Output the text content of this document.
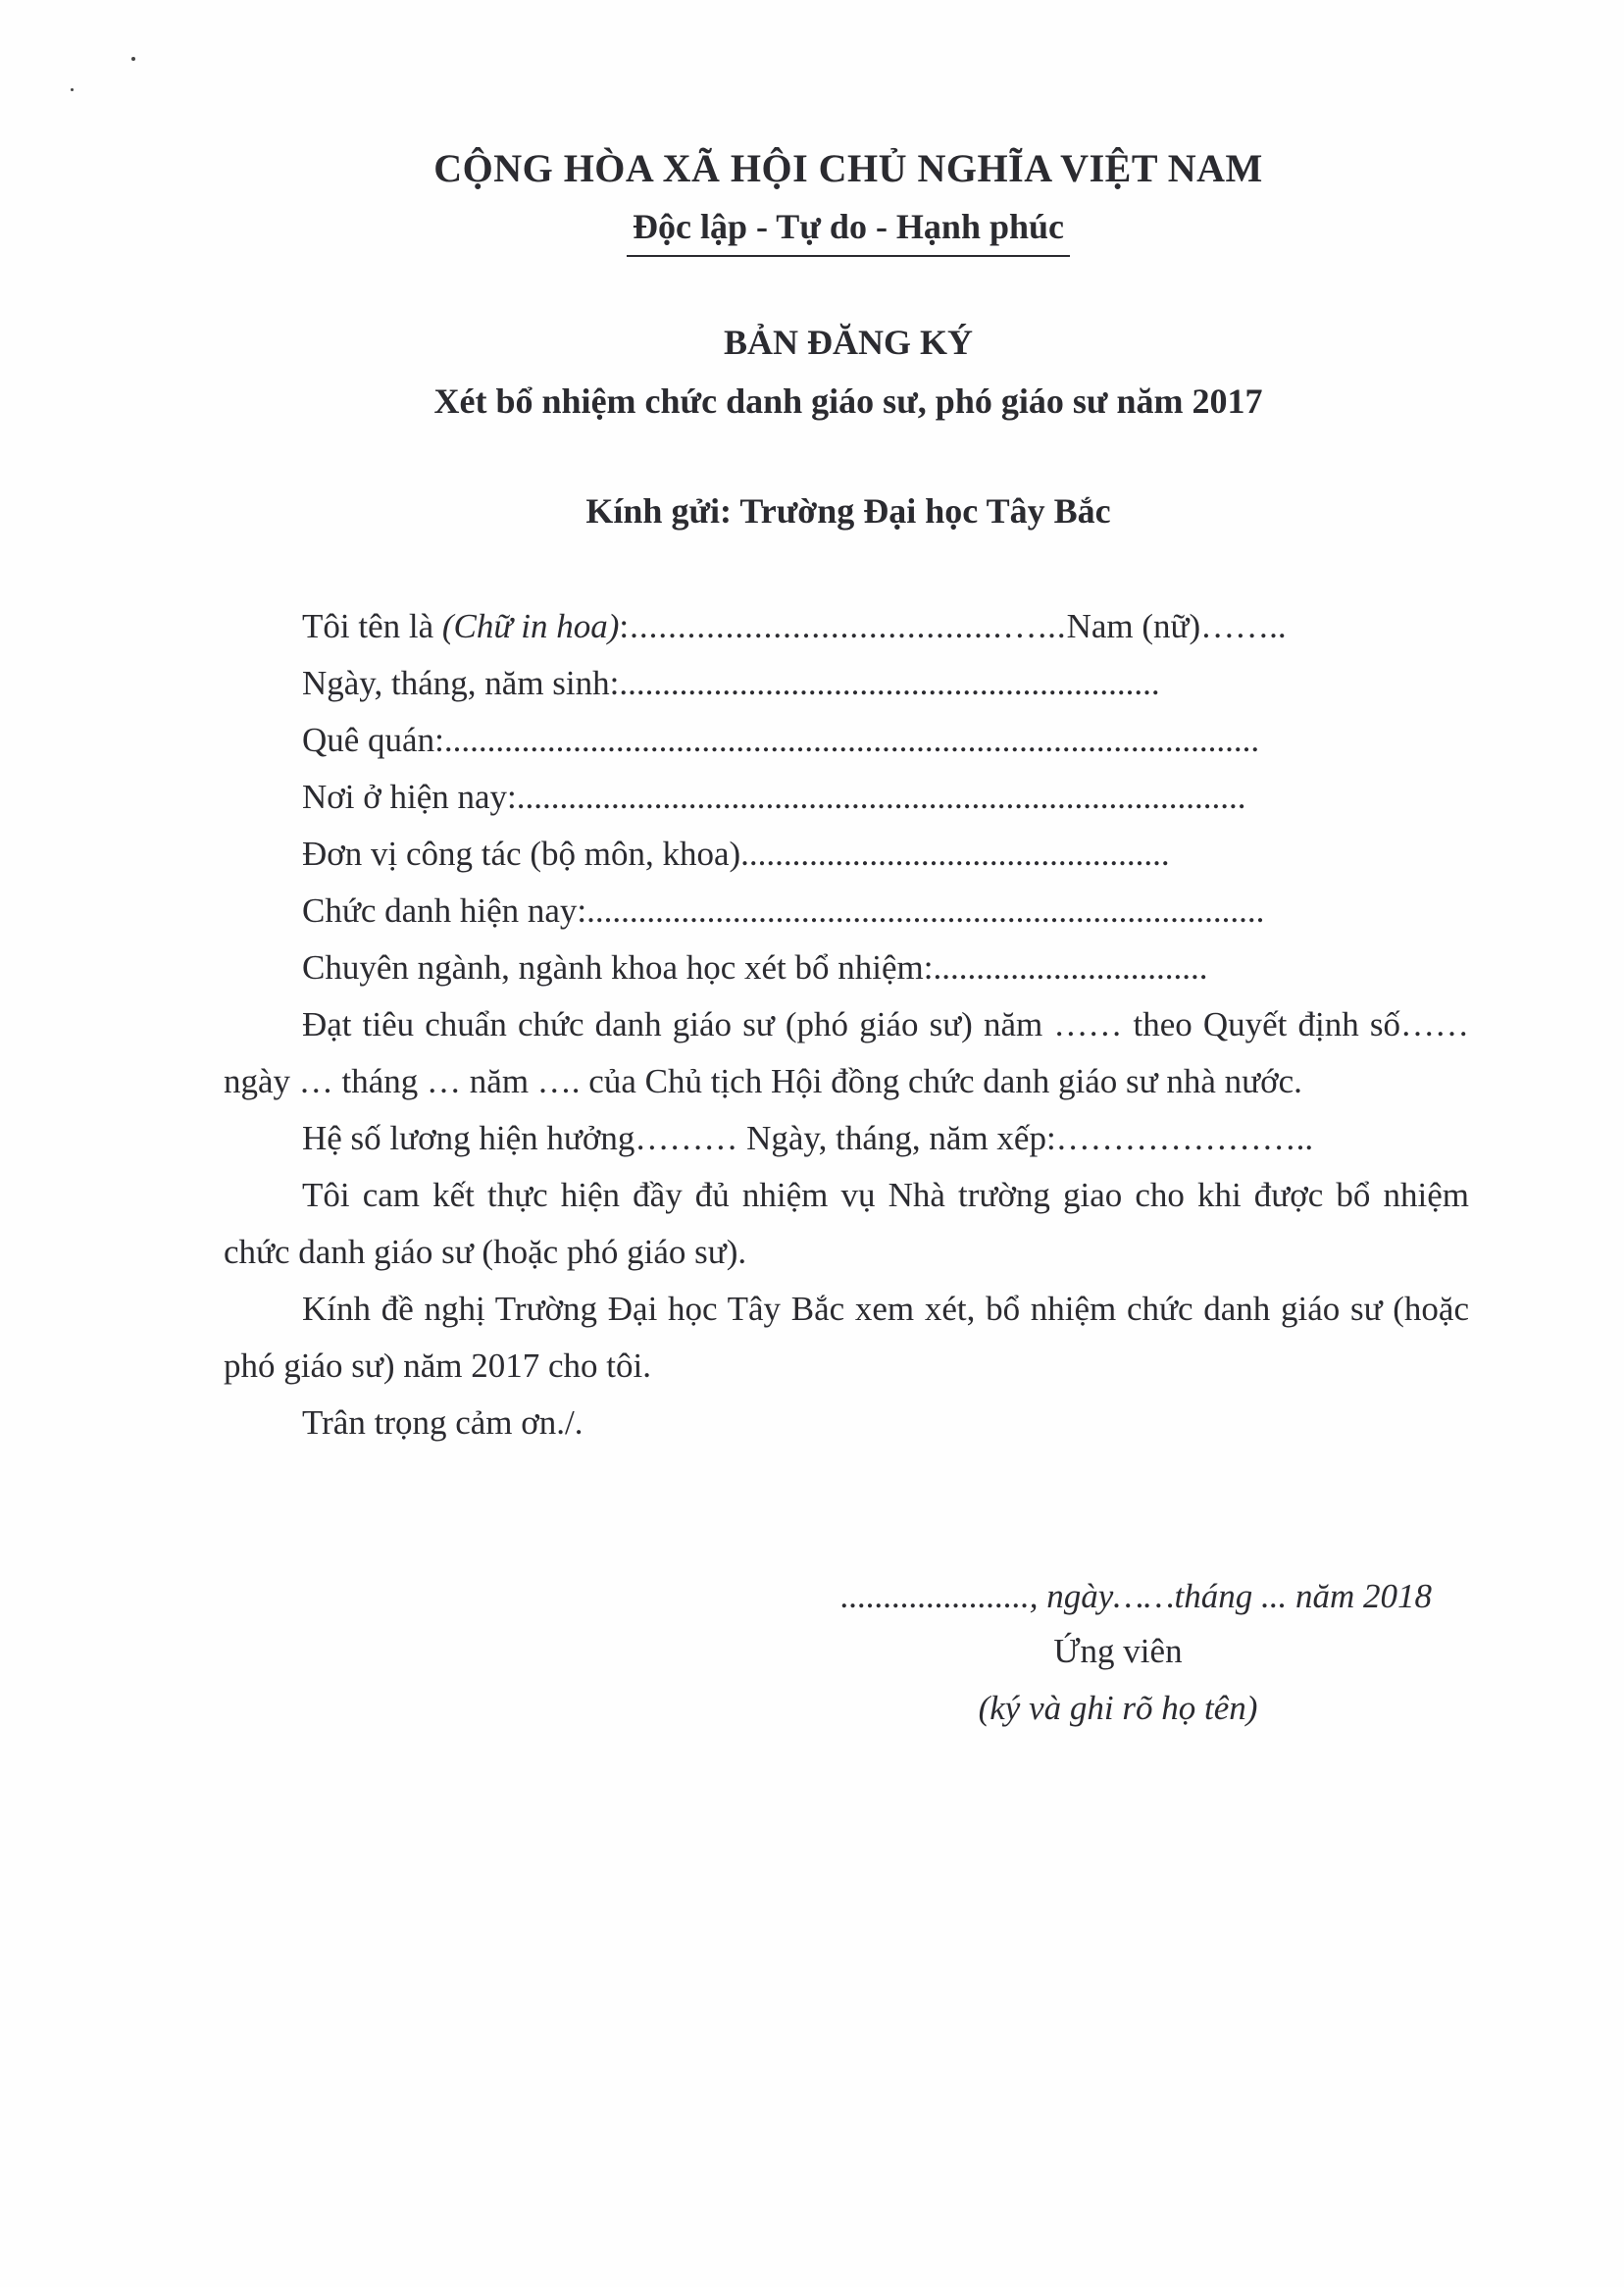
CỘNG HÒA XÃ HỘI CHỦ NGHĨA VIỆT NAM
Độc lập - Tự do - Hạnh phúc
BẢN ĐĂNG KÝ
Xét bổ nhiệm chức danh giáo sư, phó giáo sư năm 2017
Kính gửi: Trường Đại học Tây Bắc
Tôi tên là (Chữ in hoa):.......................................…...Nam (nữ)……..
Ngày, tháng, năm sinh:...............................................................
Quê quán:...............................................................................................
Nơi ở hiện nay:.....................................................................................
Đơn vị công tác (bộ môn, khoa)..................................................
Chức danh hiện nay:...............................................................................
Chuyên ngành, ngành khoa học xét bổ nhiệm:................................
Đạt tiêu chuẩn chức danh giáo sư (phó giáo sư) năm …… theo Quyết định số…… ngày … tháng … năm …. của Chủ tịch Hội đồng chức danh giáo sư nhà nước.
Hệ số lương hiện hưởng……… Ngày, tháng, năm xếp:…………………..
Tôi cam kết thực hiện đầy đủ nhiệm vụ Nhà trường giao cho khi được bổ nhiệm chức danh giáo sư (hoặc phó giáo sư).
Kính đề nghị Trường Đại học Tây Bắc xem xét, bổ nhiệm chức danh giáo sư (hoặc phó giáo sư) năm 2017 cho tôi.
Trân trọng cảm ơn./.
......................, ngày……tháng ... năm 2018
Ứng viên
(ký và ghi rõ họ tên)
